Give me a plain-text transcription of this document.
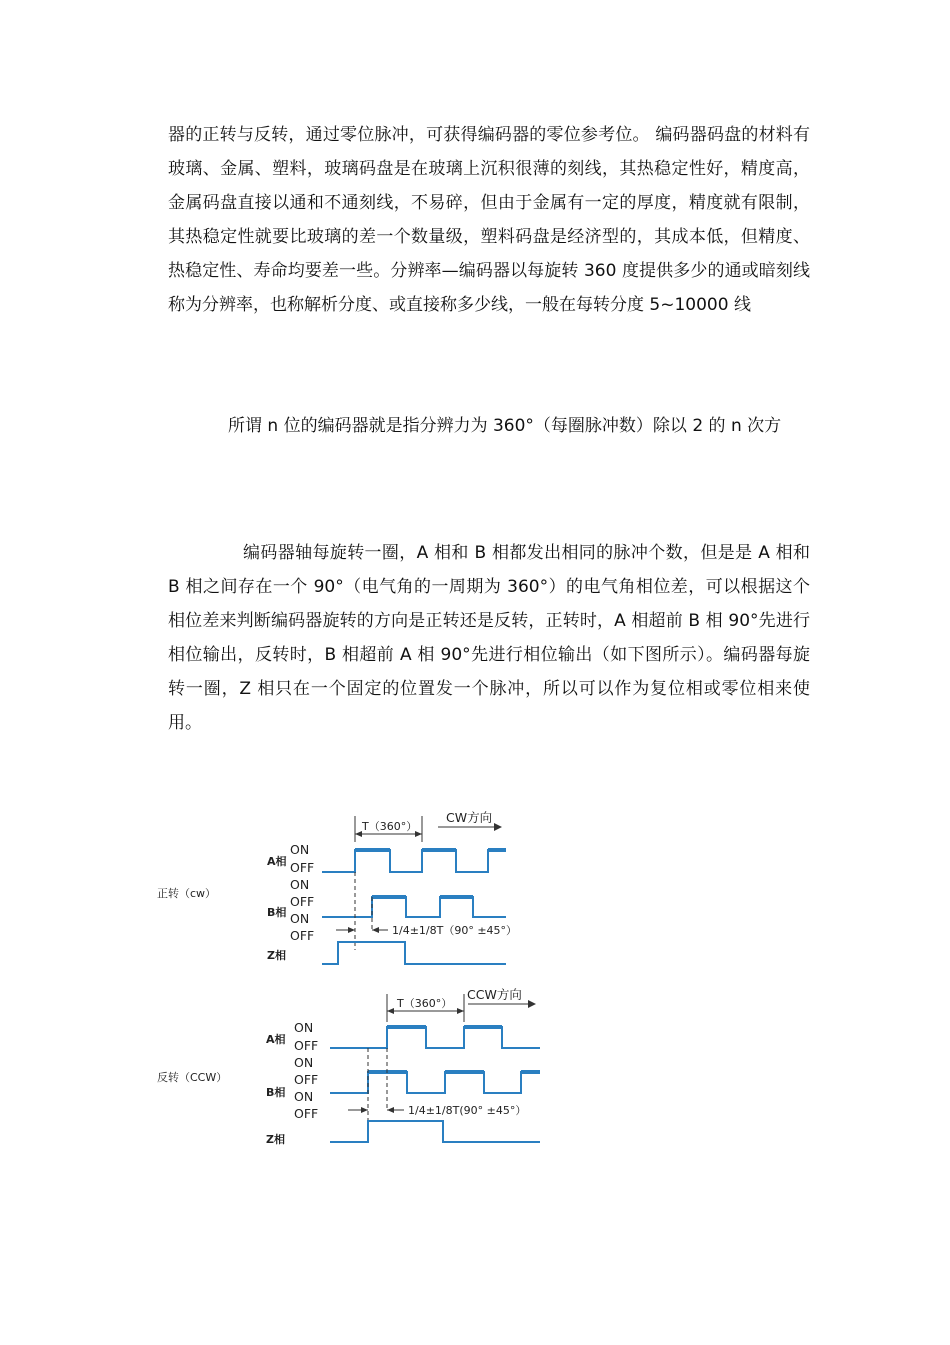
器的正转与反转，通过零位脉冲，可获得编码器的零位参考位。 编码器码盘的材料有玻璃、金属、塑料，玻璃码盘是在玻璃上沉积很薄的刻线，其热稳定性好，精度高，金属码盘直接以通和不通刻线，不易碎，但由于金属有一定的厚度，精度就有限制，其热稳定性就要比玻璃的差一个数量级，塑料码盘是经济型的，其成本低，但精度、热稳定性、寿命均要差一些。分辨率—编码器以每旋转 360 度提供多少的通或暗刻线称为分辨率，也称解析分度、或直接称多少线，一般在每转分度 5~10000 线

所谓 n 位的编码器就是指分辨力为 360°（每圈脉冲数）除以 2 的 n 次方

编码器轴每旋转一圈，A 相和 B 相都发出相同的脉冲个数，但是是 A 相和 B 相之间存在一个 90°（电气角的一周期为 360°）的电气角相位差，可以根据这个相位差来判断编码器旋转的方向是正转还是反转，正转时，A 相超前 B 相 90°先进行相位输出，反转时，B 相超前 A 相 90°先进行相位输出（如下图所示）。编码器每旋转一圈，Z 相只在一个固定的位置发一个脉冲，所以可以作为复位相或零位相来使用。

正转（cw）
T（360°）
CW方向
A相
B相
Z相
ON
OFF
ON
OFF
ON
OFF	1/4±1/8T（90° ±45°）
反转（CCW）
T（360°）
CCW方向
A相
B相
Z相
ON
OFF
ON
OFF
ON
OFF	1/4±1/8T(90° ±45°）
